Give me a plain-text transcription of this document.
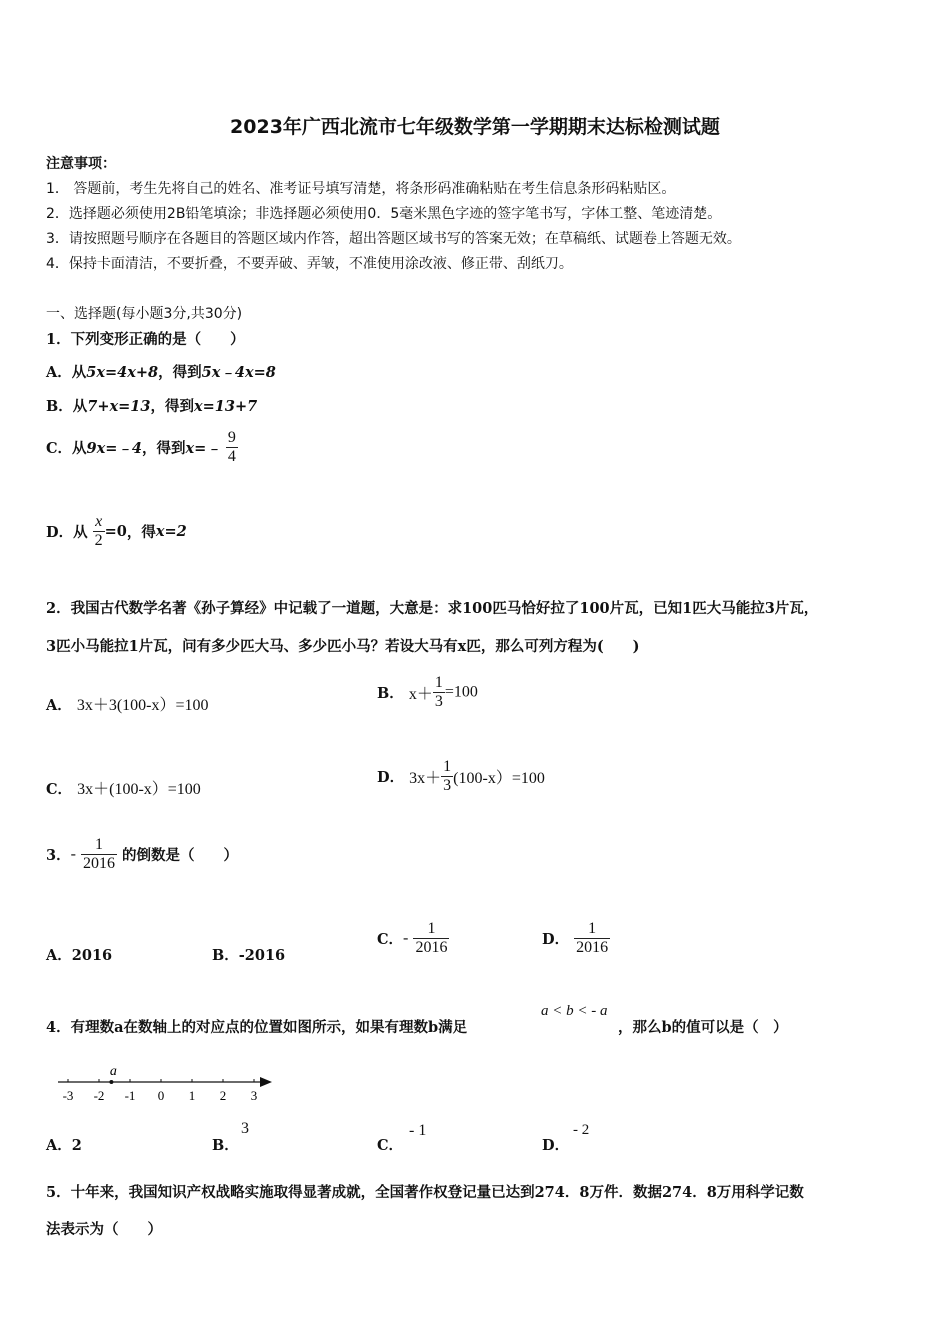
2023年广西北流市七年级数学第一学期期末达标检测试题
注意事项：
1． 答题前，考生先将自己的姓名、准考证号填写清楚，将条形码准确粘贴在考生信息条形码粘贴区。
2．选择题必须使用2B铅笔填涂；非选择题必须使用0．5毫米黑色字迹的签字笔书写，字体工整、笔迹清楚。
3．请按照题号顺序在各题目的答题区域内作答，超出答题区域书写的答案无效；在草稿纸、试题卷上答题无效。
4．保持卡面清洁，不要折叠，不要弄破、弄皱，不准使用涂改液、修正带、刮纸刀。
一、选择题(每小题3分,共30分)
1．下列变形正确的是（　　）
A．从5x=4x+8，得到5x﹣4x=8
B．从7+x=13，得到x=13+7
C．从9x=﹣4，得到x=﹣ $\frac{9}{4}$
D．从 $\frac{x}{2} =0$，得x=2
2．我国古代数学名著《孙子算经》中记载了一道题，大意是：求100匹马恰好拉了100片瓦，已知1匹大马能拉3片瓦，
3匹小马能拉1片瓦，问有多少匹大马、多少匹小马？若设大马有x匹，那么可列方程为(　　)
A． 3x＋3(100-x）=100
B． $x+ \frac{1}{3} =100$
C． 3x＋(100-x）=100
D． $3x+ \frac{1}{3} (100-x)=100$
3．- $\frac{1}{2016}$ 的倒数是（　　）
A．2016	B．-2016
C．- $\frac{1}{2016}$	D． $\frac{1}{2016}$
4．有理数a在数轴上的对应点的位置如图所示，如果有理数b满足
a < b < - a
，那么b的值可以是（　）
-3 -2 -1 0 1 2 3
a
A．2	B．
3
C．
- 1
D．
- 2
5．十年来，我国知识产权战略实施取得显著成就，全国著作权登记量已达到274．8万件．数据274．8万用科学记数
法表示为（　　）
